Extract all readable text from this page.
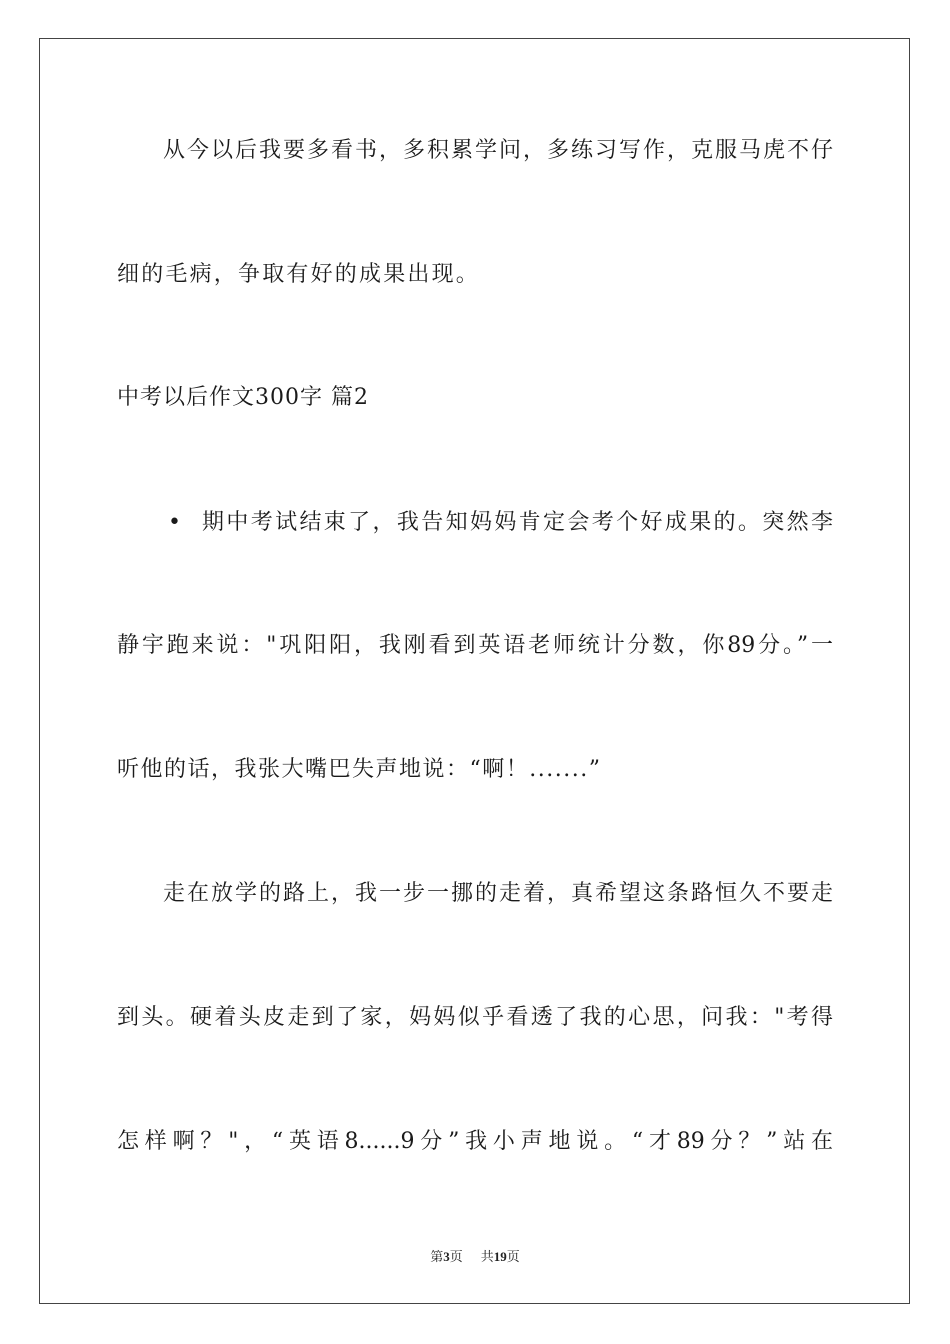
从今以后我要多看书，多积累学问，多练习写作，克服马虎不仔
细的毛病，争取有好的成果出现。
中考以后作文300字 篇2
• 期中考试结束了，我告知妈妈肯定会考个好成果的。突然李
静宇跑来说："巩阳阳，我刚看到英语老师统计分数，你89分。”一
听他的话，我张大嘴巴失声地说：“啊！.......”
走在放学的路上，我一步一挪的走着，真希望这条路恒久不要走
到头。硬着头皮走到了家，妈妈似乎看透了我的心思，问我："考得
怎样啊？"，“英语8......9分”我小声地说。“才89分？”站在
第3页 共19页
